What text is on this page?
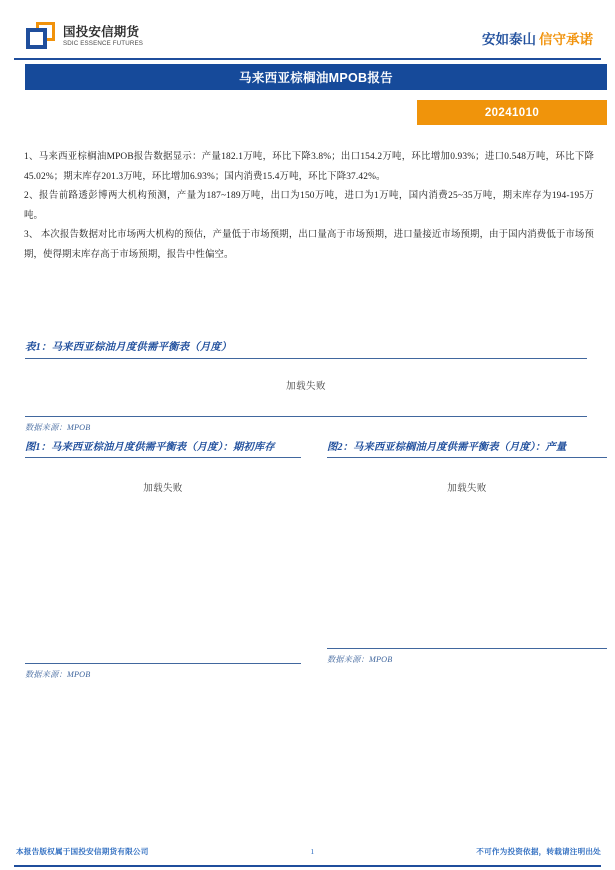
国投安信期货
SDIC ESSENCE FUTURES	安如泰山 信守承诺
马来西亚棕榈油MPOB报告
20241010

1、马来西亚棕榈油MPOB报告数据显示：产量182.1万吨，环比下降3.8%；出口154.2万吨，环比增加0.93%；进口0.548万吨，环比下降45.02%；期末库存201.3万吨，环比增加6.93%；国内消费15.4万吨，环比下降37.42%。

2、报告前路透彭博两大机构预测，产量为187~189万吨，出口为150万吨，进口为1万吨，国内消费25~35万吨，期末库存为194-195万吨。

3、 本次报告数据对比市场两大机构的预估，产量低于市场预期，出口量高于市场预期，进口量接近市场预期，由于国内消费低于市场预期，使得期末库存高于市场预期，报告中性偏空。

表1：马来西亚棕油月度供需平衡表（月度）
加载失败
数据来源：MPOB
图1：马来西亚棕油月度供需平衡表（月度）：期初库存
加载失败
数据来源：MPOB
图2：马来西亚棕榈油月度供需平衡表（月度）：产量
加载失败
数据来源：MPOB
本报告版权属于国投安信期货有限公司	1	不可作为投资依据，转载请注明出处
